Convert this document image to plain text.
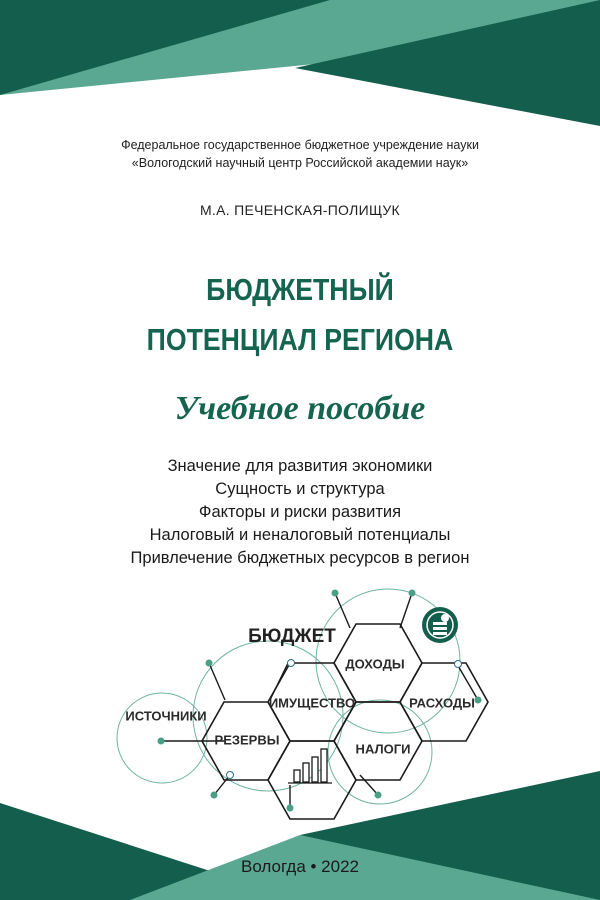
Федеральное государственное бюджетное учреждение науки
«Вологодский научный центр Российской академии наук»
М.А. ПЕЧЕНСКАЯ-ПОЛИЩУК
БЮДЖЕТНЫЙ
ПОТЕНЦИАЛ РЕГИОНА
Учебное пособие
Значение для развития экономики
Сущность и структура
Факторы и риски развития
Налоговый и неналоговый потенциалы
Привлечение бюджетных ресурсов в регион
БЮДЖЕТ
ДОХОДЫ
ИСТОЧНИКИ
ИМУЩЕСТВО	РАСХОДЫ
РЕЗЕРВЫ
НАЛОГИ
Вологда • 2022
